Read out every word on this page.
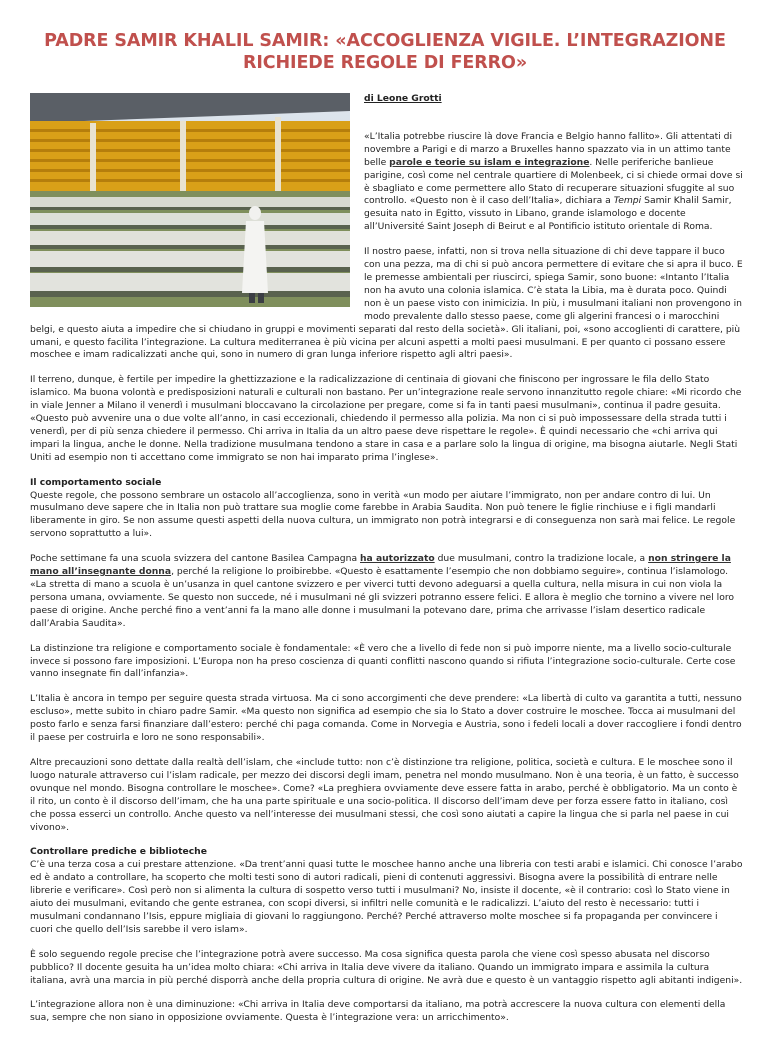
PADRE SAMIR KHALIL SAMIR: «ACCOGLIENZA VIGILE. L’INTEGRAZIONE RICHIEDE REGOLE DI FERRO»

di Leone Grotti

«L’Italia potrebbe riuscire là dove Francia e Belgio hanno fallito». Gli attentati di novembre a Parigi e di marzo a Bruxelles hanno spazzato via in un attimo tante belle parole e teorie su islam e integrazione. Nelle periferiche banlieue parigine, così come nel centrale quartiere di Molenbeek, ci si chiede ormai dove si è sbagliato e come permettere allo Stato di recuperare situazioni sfuggite al suo controllo. «Questo non è il caso dell’Italia», dichiara a Tempi Samir Khalil Samir, gesuita nato in Egitto, vissuto in Libano, grande islamologo e docente all’Université Saint Joseph di Beirut e al Pontificio istituto orientale di Roma.

Il nostro paese, infatti, non si trova nella situazione di chi deve tappare il buco con una pezza, ma di chi si può ancora permettere di evitare che si apra il buco. E le premesse ambientali per riuscirci, spiega Samir, sono buone: «Intanto l’Italia non ha avuto una colonia islamica. C’è stata la Libia, ma è durata poco. Quindi non è un paese visto con inimicizia. In più, i musulmani italiani non provengono in modo prevalente dallo stesso paese, come gli algerini francesi o i marocchini belgi, e questo aiuta a impedire che si chiudano in gruppi e movimenti separati dal resto della società». Gli italiani, poi, «sono accoglienti di carattere, più umani, e questo facilita l’integrazione. La cultura mediterranea è più vicina per alcuni aspetti a molti paesi musulmani. E per quanto ci possano essere moschee e imam radicalizzati anche qui, sono in numero di gran lunga inferiore rispetto agli altri paesi».

Il terreno, dunque, è fertile per impedire la ghettizzazione e la radicalizzazione di centinaia di giovani che finiscono per ingrossare le fila dello Stato islamico. Ma buona volontà e predisposizioni naturali e culturali non bastano. Per un’integrazione reale servono innanzitutto regole chiare: «Mi ricordo che in viale Jenner a Milano il venerdì i musulmani bloccavano la circolazione per pregare, come si fa in tanti paesi musulmani», continua il padre gesuita. «Questo può avvenire una o due volte all’anno, in casi eccezionali, chiedendo il permesso alla polizia. Ma non ci si può impossessare della strada tutti i venerdì, per di più senza chiedere il permesso. Chi arriva in Italia da un altro paese deve rispettare le regole». È quindi necessario che «chi arriva qui impari la lingua, anche le donne. Nella tradizione musulmana tendono a stare in casa e a parlare solo la lingua di origine, ma bisogna aiutarle. Negli Stati Uniti ad esempio non ti accettano come immigrato se non hai imparato prima l’inglese».

Il comportamento sociale

Queste regole, che possono sembrare un ostacolo all’accoglienza, sono in verità «un modo per aiutare l’immigrato, non per andare contro di lui. Un musulmano deve sapere che in Italia non può trattare sua moglie come farebbe in Arabia Saudita. Non può tenere le figlie rinchiuse e i figli mandarli liberamente in giro. Se non assume questi aspetti della nuova cultura, un immigrato non potrà integrarsi e di conseguenza non sarà mai felice. Le regole servono soprattutto a lui».

Poche settimane fa una scuola svizzera del cantone Basilea Campagna ha autorizzato due musulmani, contro la tradizione locale, a non stringere la mano all’insegnante donna, perché la religione lo proibirebbe. «Questo è esattamente l’esempio che non dobbiamo seguire», continua l’islamologo. «La stretta di mano a scuola è un’usanza in quel cantone svizzero e per viverci tutti devono adeguarsi a quella cultura, nella misura in cui non viola la persona umana, ovviamente. Se questo non succede, né i musulmani né gli svizzeri potranno essere felici. E allora è meglio che tornino a vivere nel loro paese di origine. Anche perché fino a vent’anni fa la mano alle donne i musulmani la potevano dare, prima che arrivasse l’islam desertico radicale dall’Arabia Saudita».

La distinzione tra religione e comportamento sociale è fondamentale: «È vero che a livello di fede non si può imporre niente, ma a livello socio-culturale invece si possono fare imposizioni. L’Europa non ha preso coscienza di quanti conflitti nascono quando si rifiuta l’integrazione socio-culturale. Certe cose vanno insegnate fin dall’infanzia».

L’Italia è ancora in tempo per seguire questa strada virtuosa. Ma ci sono accorgimenti che deve prendere: «La libertà di culto va garantita a tutti, nessuno escluso», mette subito in chiaro padre Samir. «Ma questo non significa ad esempio che sia lo Stato a dover costruire le moschee. Tocca ai musulmani del posto farlo e senza farsi finanziare dall’estero: perché chi paga comanda. Come in Norvegia e Austria, sono i fedeli locali a dover raccogliere i fondi dentro il paese per costruirla e loro ne sono responsabili».

Altre precauzioni sono dettate dalla realtà dell’islam, che «include tutto: non c’è distinzione tra religione, politica, società e cultura. E le moschee sono il luogo naturale attraverso cui l’islam radicale, per mezzo dei discorsi degli imam, penetra nel mondo musulmano. Non è una teoria, è un fatto, è successo ovunque nel mondo. Bisogna controllare le moschee». Come? «La preghiera ovviamente deve essere fatta in arabo, perché è obbligatorio. Ma un conto è il rito, un conto è il discorso dell’imam, che ha una parte spirituale e una socio-politica. Il discorso dell’imam deve per forza essere fatto in italiano, così che possa esserci un controllo. Anche questo va nell’interesse dei musulmani stessi, che così sono aiutati a capire la lingua che si parla nel paese in cui vivono».

Controllare prediche e biblioteche

C’è una terza cosa a cui prestare attenzione. «Da trent’anni quasi tutte le moschee hanno anche una libreria con testi arabi e islamici. Chi conosce l’arabo ed è andato a controllare, ha scoperto che molti testi sono di autori radicali, pieni di contenuti aggressivi. Bisogna avere la possibilità di entrare nelle librerie e verificare». Così però non si alimenta la cultura di sospetto verso tutti i musulmani? No, insiste il docente, «è il contrario: così lo Stato viene in aiuto dei musulmani, evitando che gente estranea, con scopi diversi, si infiltri nelle comunità e le radicalizzi. L’aiuto del resto è necessario: tutti i musulmani condannano l’Isis, eppure migliaia di giovani lo raggiungono. Perché? Perché attraverso molte moschee si fa propaganda per convincere i cuori che quello dell’Isis sarebbe il vero islam».

È solo seguendo regole precise che l’integrazione potrà avere successo. Ma cosa significa questa parola che viene così spesso abusata nel discorso pubblico? Il docente gesuita ha un’idea molto chiara: «Chi arriva in Italia deve vivere da italiano. Quando un immigrato impara e assimila la cultura italiana, avrà una marcia in più perché disporrà anche della propria cultura di origine. Ne avrà due e questo è un vantaggio rispetto agli abitanti indigeni».

L’integrazione allora non è una diminuzione: «Chi arriva in Italia deve comportarsi da italiano, ma potrà accrescere la nuova cultura con elementi della sua, sempre che non siano in opposizione ovviamente. Questa è l’integrazione vera: un arricchimento».
